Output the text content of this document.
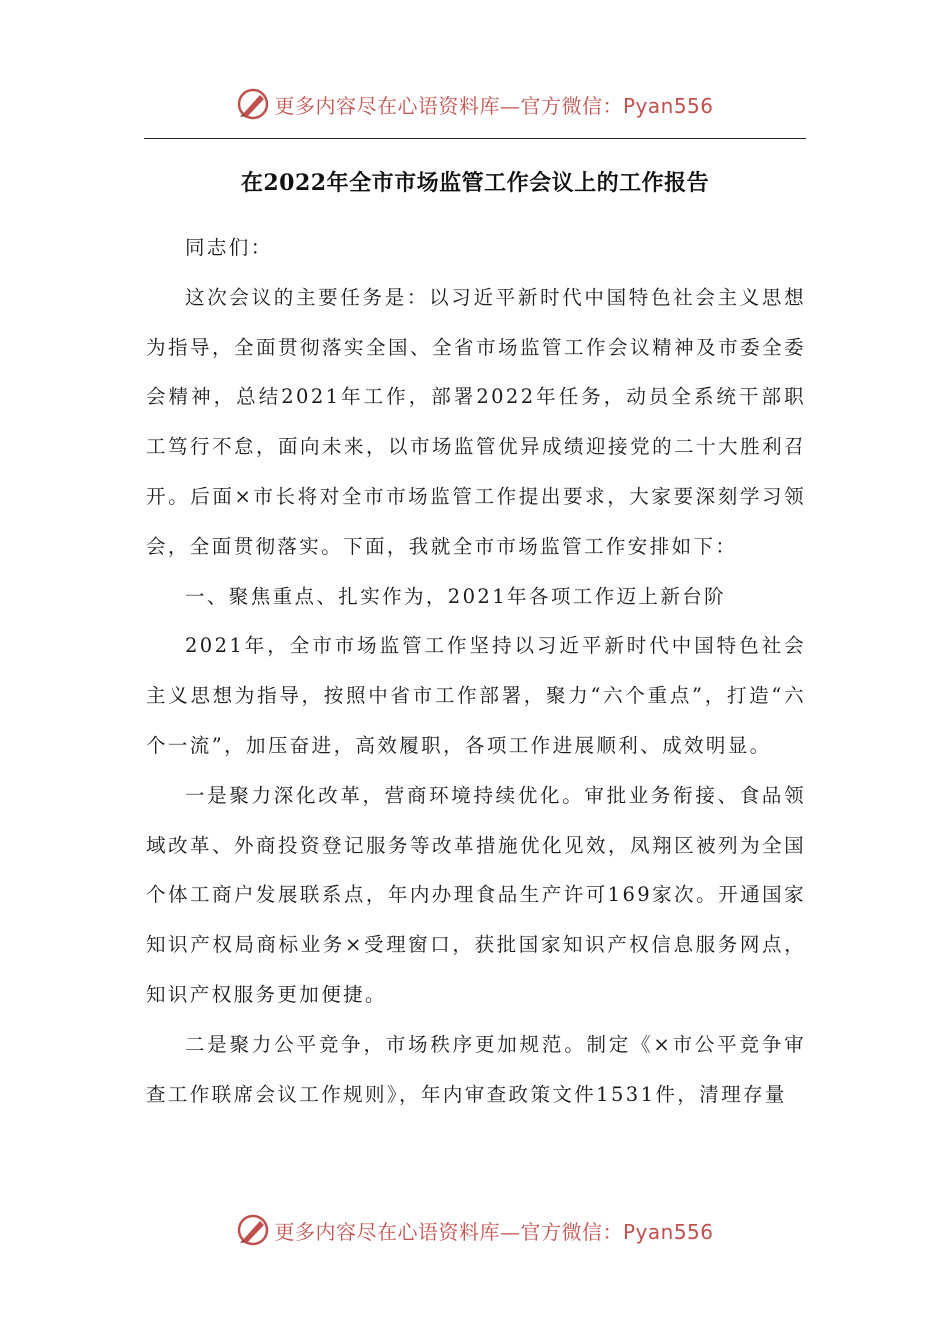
更多内容尽在心语资料库—官方微信：Pyan556
在2022年全市市场监管工作会议上的工作报告

同志们：

这次会议的主要任务是：以习近平新时代中国特色社会主义思想为指导，全面贯彻落实全国、全省市场监管工作会议精神及市委全委会精神，总结2021年工作，部署2022年任务，动员全系统干部职工笃行不怠，面向未来，以市场监管优异成绩迎接党的二十大胜利召开。后面×市长将对全市市场监管工作提出要求，大家要深刻学习领会，全面贯彻落实。下面，我就全市市场监管工作安排如下：

一、聚焦重点、扎实作为，2021年各项工作迈上新台阶

2021年，全市市场监管工作坚持以习近平新时代中国特色社会主义思想为指导，按照中省市工作部署，聚力“六个重点”，打造“六个一流”，加压奋进，高效履职，各项工作进展顺利、成效明显。

一是聚力深化改革，营商环境持续优化。审批业务衔接、食品领域改革、外商投资登记服务等改革措施优化见效，凤翔区被列为全国个体工商户发展联系点，年内办理食品生产许可169家次。开通国家知识产权局商标业务×受理窗口，获批国家知识产权信息服务网点，知识产权服务更加便捷。

二是聚力公平竞争，市场秩序更加规范。制定《×市公平竞争审查工作联席会议工作规则》，年内审查政策文件1531件，清理存量

更多内容尽在心语资料库—官方微信：Pyan556
